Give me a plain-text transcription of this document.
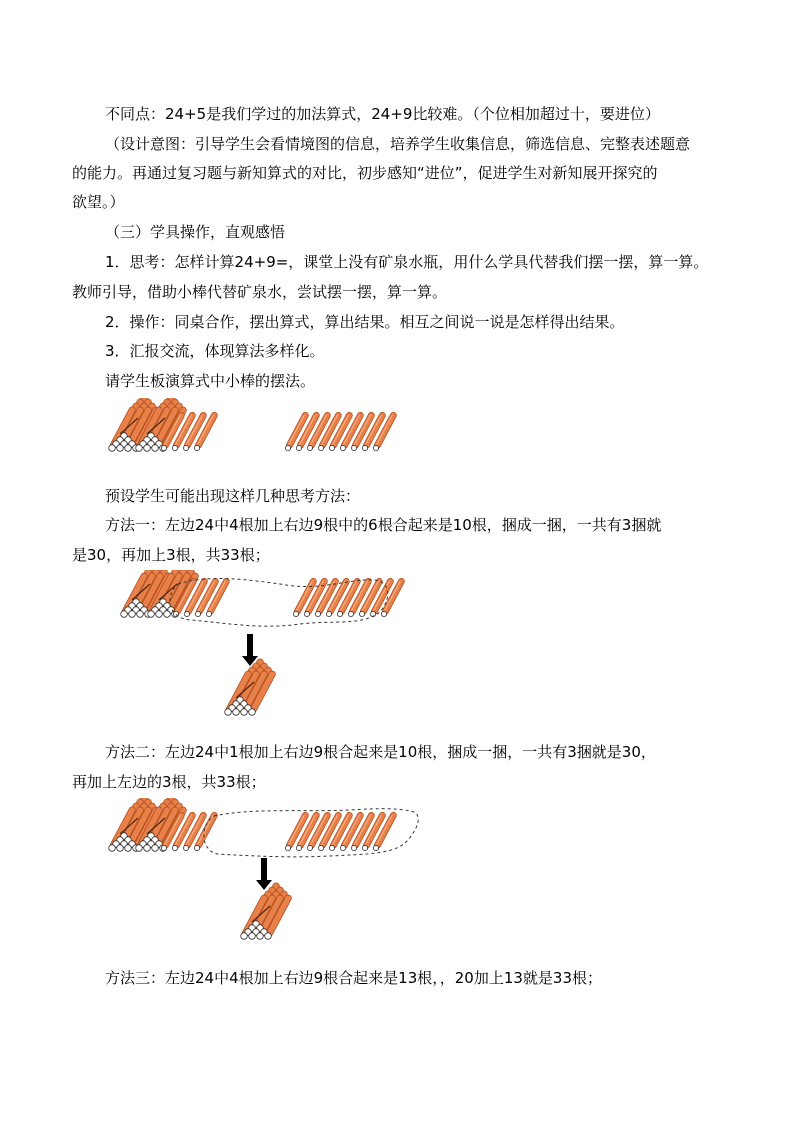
不同点：24+5是我们学过的加法算式，24+9比较难。（个位相加超过十，要进位）
（设计意图：引导学生会看情境图的信息，培养学生收集信息，筛选信息、完整表述题意
的能力。再通过复习题与新知算式的对比，初步感知“进位”，促进学生对新知展开探究的
欲望。）
（三）学具操作，直观感悟
1．思考：怎样计算24+9=，课堂上没有矿泉水瓶，用什么学具代替我们摆一摆，算一算。
教师引导，借助小棒代替矿泉水，尝试摆一摆，算一算。
2．操作：同桌合作，摆出算式，算出结果。相互之间说一说是怎样得出结果。
3．汇报交流，体现算法多样化。
请学生板演算式中小棒的摆法。
预设学生可能出现这样几种思考方法：
方法一：左边24中4根加上右边9根中的6根合起来是10根，捆成一捆，一共有3捆就
是30，再加上3根，共33根；
方法二：左边24中1根加上右边9根合起来是10根，捆成一捆，一共有3捆就是30，
再加上左边的3根，共33根；
方法三：左边24中4根加上右边9根合起来是13根，，20加上13就是33根；
